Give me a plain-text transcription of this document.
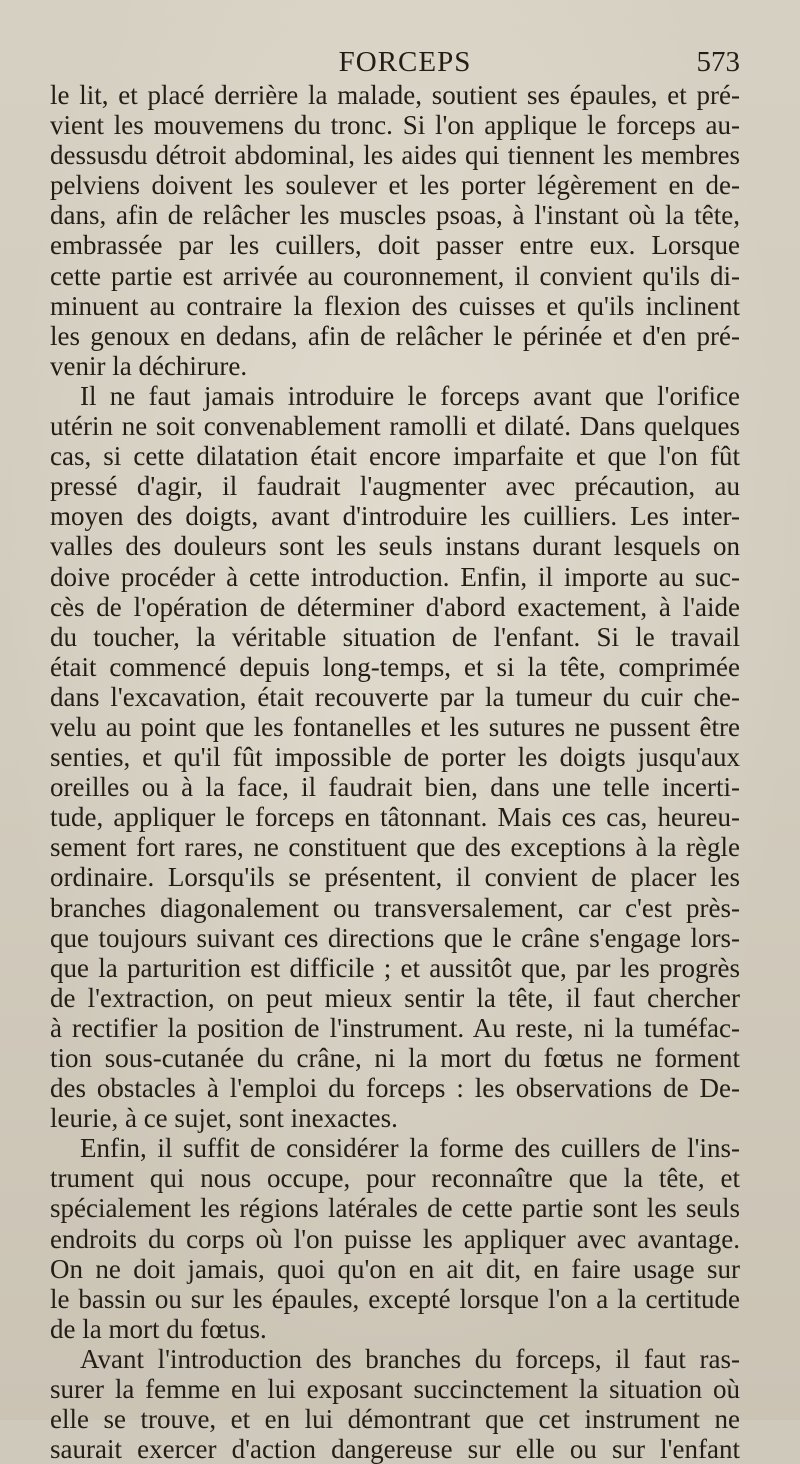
FORCEPS	573
le lit, et placé derrière la malade, soutient ses épaules, et pré-
vient les mouvemens du tronc. Si l'on applique le forceps au-
dessusdu détroit abdominal, les aides qui tiennent les membres
pelviens doivent les soulever et les porter légèrement en de-
dans, afin de relâcher les muscles psoas, à l'instant où la tête,
embrassée par les cuillers, doit passer entre eux. Lorsque
cette partie est arrivée au couronnement, il convient qu'ils di-
minuent au contraire la flexion des cuisses et qu'ils inclinent
les genoux en dedans, afin de relâcher le périnée et d'en pré-
venir la déchirure.
Il ne faut jamais introduire le forceps avant que l'orifice
utérin ne soit convenablement ramolli et dilaté. Dans quelques
cas, si cette dilatation était encore imparfaite et que l'on fût
pressé d'agir, il faudrait l'augmenter avec précaution, au
moyen des doigts, avant d'introduire les cuilliers. Les inter-
valles des douleurs sont les seuls instans durant lesquels on
doive procéder à cette introduction. Enfin, il importe au suc-
cès de l'opération de déterminer d'abord exactement, à l'aide
du toucher, la véritable situation de l'enfant. Si le travail
était commencé depuis long-temps, et si la tête, comprimée
dans l'excavation, était recouverte par la tumeur du cuir che-
velu au point que les fontanelles et les sutures ne pussent être
senties, et qu'il fût impossible de porter les doigts jusqu'aux
oreilles ou à la face, il faudrait bien, dans une telle incerti-
tude, appliquer le forceps en tâtonnant. Mais ces cas, heureu-
sement fort rares, ne constituent que des exceptions à la règle
ordinaire. Lorsqu'ils se présentent, il convient de placer les
branches diagonalement ou transversalement, car c'est près-
que toujours suivant ces directions que le crâne s'engage lors-
que la parturition est difficile ; et aussitôt que, par les progrès
de l'extraction, on peut mieux sentir la tête, il faut chercher
à rectifier la position de l'instrument. Au reste, ni la tuméfac-
tion sous-cutanée du crâne, ni la mort du fœtus ne forment
des obstacles à l'emploi du forceps : les observations de De-
leurie, à ce sujet, sont inexactes.
Enfin, il suffit de considérer la forme des cuillers de l'ins-
trument qui nous occupe, pour reconnaître que la tête, et
spécialement les régions latérales de cette partie sont les seuls
endroits du corps où l'on puisse les appliquer avec avantage.
On ne doit jamais, quoi qu'on en ait dit, en faire usage sur
le bassin ou sur les épaules, excepté lorsque l'on a la certitude
de la mort du fœtus.
Avant l'introduction des branches du forceps, il faut ras-
surer la femme en lui exposant succinctement la situation où
elle se trouve, et en lui démontrant que cet instrument ne
saurait exercer d'action dangereuse sur elle ou sur l'enfant
